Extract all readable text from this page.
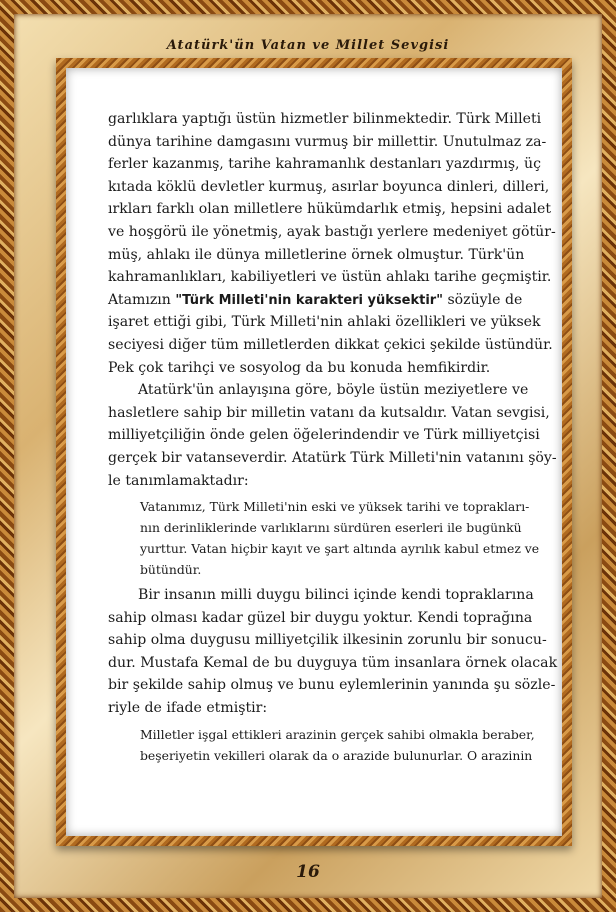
Atatürk'ün Vatan ve Millet Sevgisi
garlıklara yaptığı üstün hizmetler bilinmektedir. Türk Milleti
dünya tarihine damgasını vurmuş bir millettir. Unutulmaz za-
ferler kazanmış, tarihe kahramanlık destanları yazdırmış, üç
kıtada köklü devletler kurmuş, asırlar boyunca dinleri, dilleri,
ırkları farklı olan milletlere hükümdarlık etmiş, hepsini adalet
ve hoşgörü ile yönetmiş, ayak bastığı yerlere medeniyet götür-
müş, ahlakı ile dünya milletlerine örnek olmuştur. Türk'ün
kahramanlıkları, kabiliyetleri ve üstün ahlakı tarihe geçmiştir.
Atamızın "Türk Milleti'nin karakteri yüksektir" sözüyle de
işaret ettiği gibi, Türk Milleti'nin ahlaki özellikleri ve yüksek
seciyesi diğer tüm milletlerden dikkat çekici şekilde üstündür.
Pek çok tarihçi ve sosyolog da bu konuda hemfikirdir.
Atatürk'ün anlayışına göre, böyle üstün meziyetlere ve
hasletlere sahip bir milletin vatanı da kutsaldır. Vatan sevgisi,
milliyetçiliğin önde gelen öğelerindendir ve Türk milliyetçisi
gerçek bir vatanseverdir. Atatürk Türk Milleti'nin vatanını şöy-
le tanımlamaktadır:
Vatanımız, Türk Milleti'nin eski ve yüksek tarihi ve toprakları-
nın derinliklerinde varlıklarını sürdüren eserleri ile bugünkü
yurttur. Vatan hiçbir kayıt ve şart altında ayrılık kabul etmez ve
bütündür.
Bir insanın milli duygu bilinci içinde kendi topraklarına
sahip olması kadar güzel bir duygu yoktur. Kendi toprağına
sahip olma duygusu milliyetçilik ilkesinin zorunlu bir sonucu-
dur. Mustafa Kemal de bu duyguya tüm insanlara örnek olacak
bir şekilde sahip olmuş ve bunu eylemlerinin yanında şu sözle-
riyle de ifade etmiştir:
Milletler işgal ettikleri arazinin gerçek sahibi olmakla beraber,
beşeriyetin vekilleri olarak da o arazide bulunurlar. O arazinin
16
